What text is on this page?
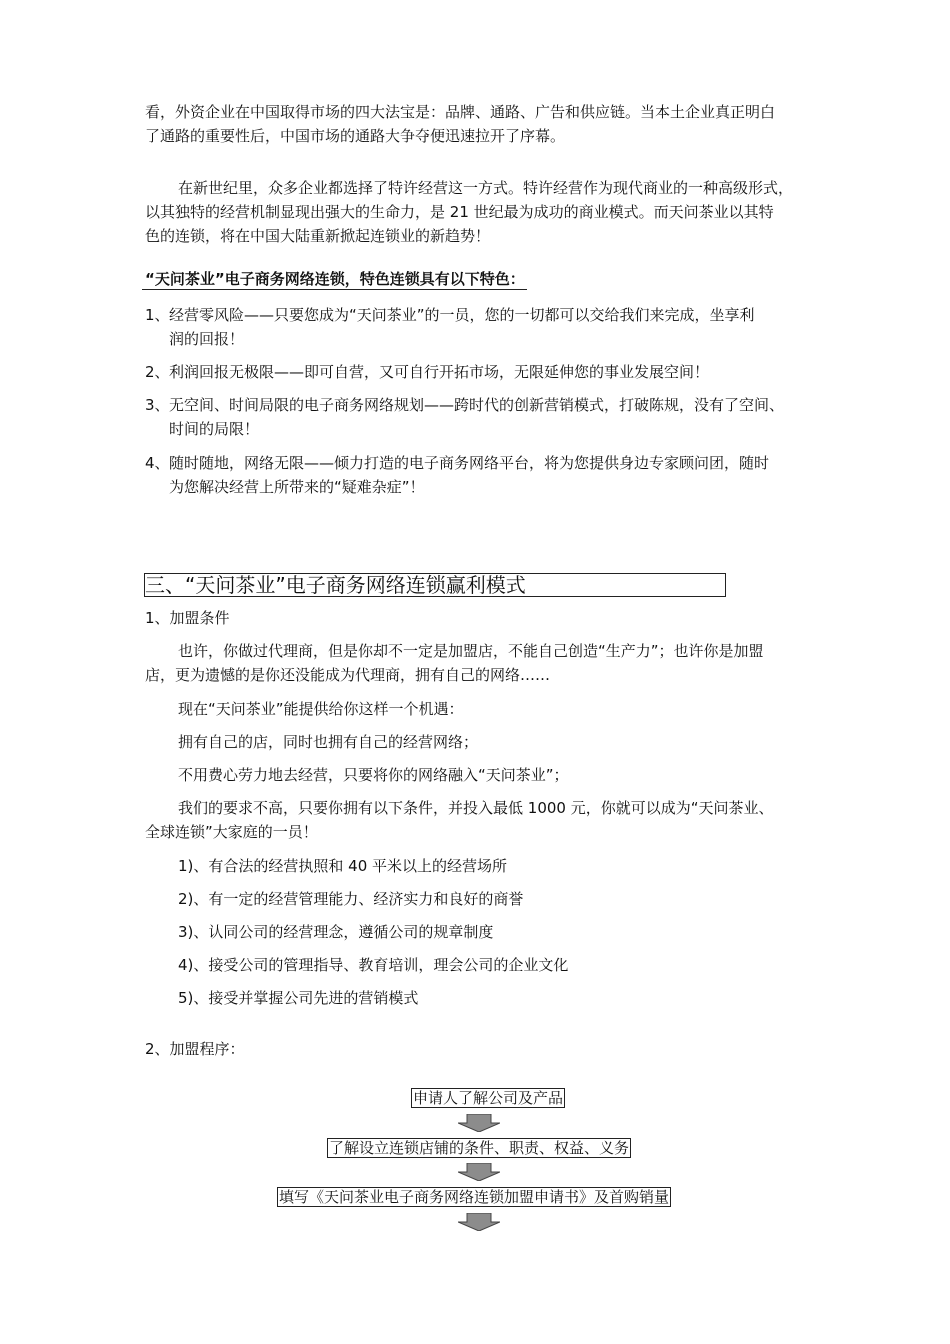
看，外资企业在中国取得市场的四大法宝是：品牌、通路、广告和供应链。当本土企业真正明白
了通路的重要性后，中国市场的通路大争夺便迅速拉开了序幕。
在新世纪里，众多企业都选择了特许经营这一方式。特许经营作为现代商业的一种高级形式，
以其独特的经营机制显现出强大的生命力，是 21 世纪最为成功的商业模式。而天问茶业以其特
色的连锁，将在中国大陆重新掀起连锁业的新趋势！
“天问茶业”电子商务网络连锁，特色连锁具有以下特色：
1、 经营零风险——只要您成为“天问茶业”的一员，您的一切都可以交给我们来完成，坐享利
润的回报！
2、 利润回报无极限——即可自营，又可自行开拓市场，无限延伸您的事业发展空间！
3、 无空间、时间局限的电子商务网络规划——跨时代的创新营销模式，打破陈规，没有了空间、
时间的局限！
4、 随时随地，网络无限——倾力打造的电子商务网络平台，将为您提供身边专家顾问团，随时
为您解决经营上所带来的“疑难杂症”！
三、“天问茶业”电子商务网络连锁赢利模式
1、加盟条件
也许，你做过代理商，但是你却不一定是加盟店，不能自己创造“生产力”；也许你是加盟
店，更为遗憾的是你还没能成为代理商，拥有自己的网络……
现在“天问茶业”能提供给你这样一个机遇：
拥有自己的店，同时也拥有自己的经营网络；
不用费心劳力地去经营，只要将你的网络融入“天问茶业”；
我们的要求不高，只要你拥有以下条件，并投入最低 1000 元，你就可以成为“天问茶业、
全球连锁”大家庭的一员！
1)、有合法的经营执照和 40 平米以上的经营场所
2)、有一定的经营管理能力、经济实力和良好的商誉
3)、认同公司的经营理念，遵循公司的规章制度
4)、接受公司的管理指导、教育培训，理会公司的企业文化
5)、接受并掌握公司先进的营销模式
2、加盟程序：
申请人了解公司及产品
了解设立连锁店铺的条件、职责、权益、义务
填写《天问茶业电子商务网络连锁加盟申请书》及首购销量
